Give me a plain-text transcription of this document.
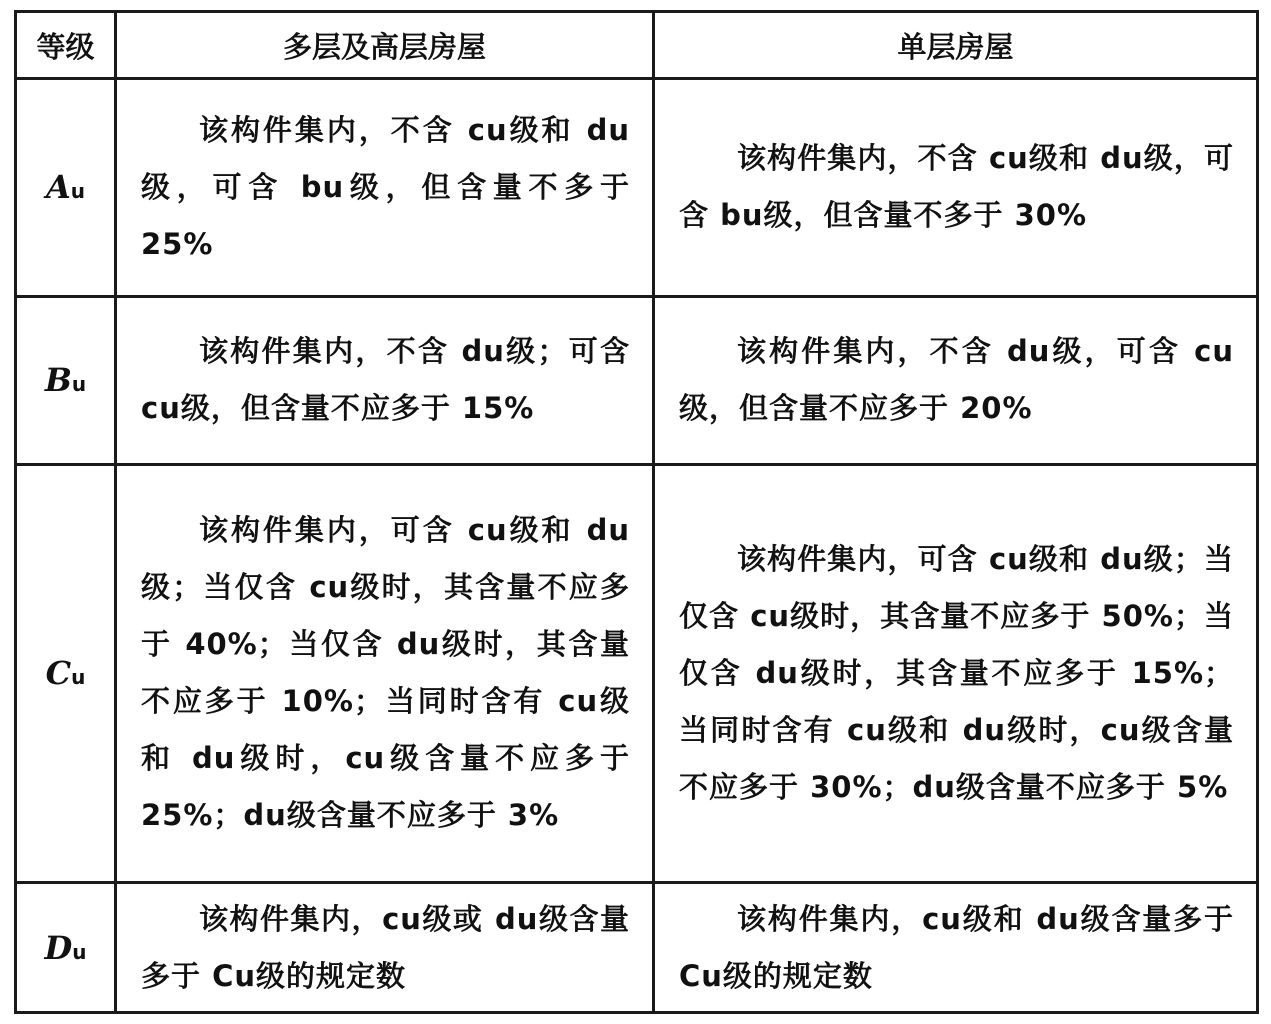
等级	多层及高层房屋	单层房屋
Au	该构件集内，不含 cu级和 du级，可含 bu级，但含量不多于 25%	该构件集内，不含 cu级和 du级，可含 bu级，但含量不多于 30%
Bu	该构件集内，不含 du级；可含 cu级，但含量不应多于 15%	该构件集内，不含 du级，可含 cu级，但含量不应多于 20%
Cu	该构件集内，可含 cu级和 du级；当仅含 cu级时，其含量不应多于 40%；当仅含 du级时，其含量不应多于 10%；当同时含有 cu级和 du级时，cu级含量不应多于 25%；du级含量不应多于 3%	该构件集内，可含 cu级和 du级；当仅含 cu级时，其含量不应多于 50%；当仅含 du级时，其含量不应多于 15%；当同时含有 cu级和 du级时，cu级含量不应多于 30%；du级含量不应多于 5%
Du	该构件集内，cu级或 du级含量多于 Cu级的规定数	该构件集内，cu级和 du级含量多于 Cu级的规定数
